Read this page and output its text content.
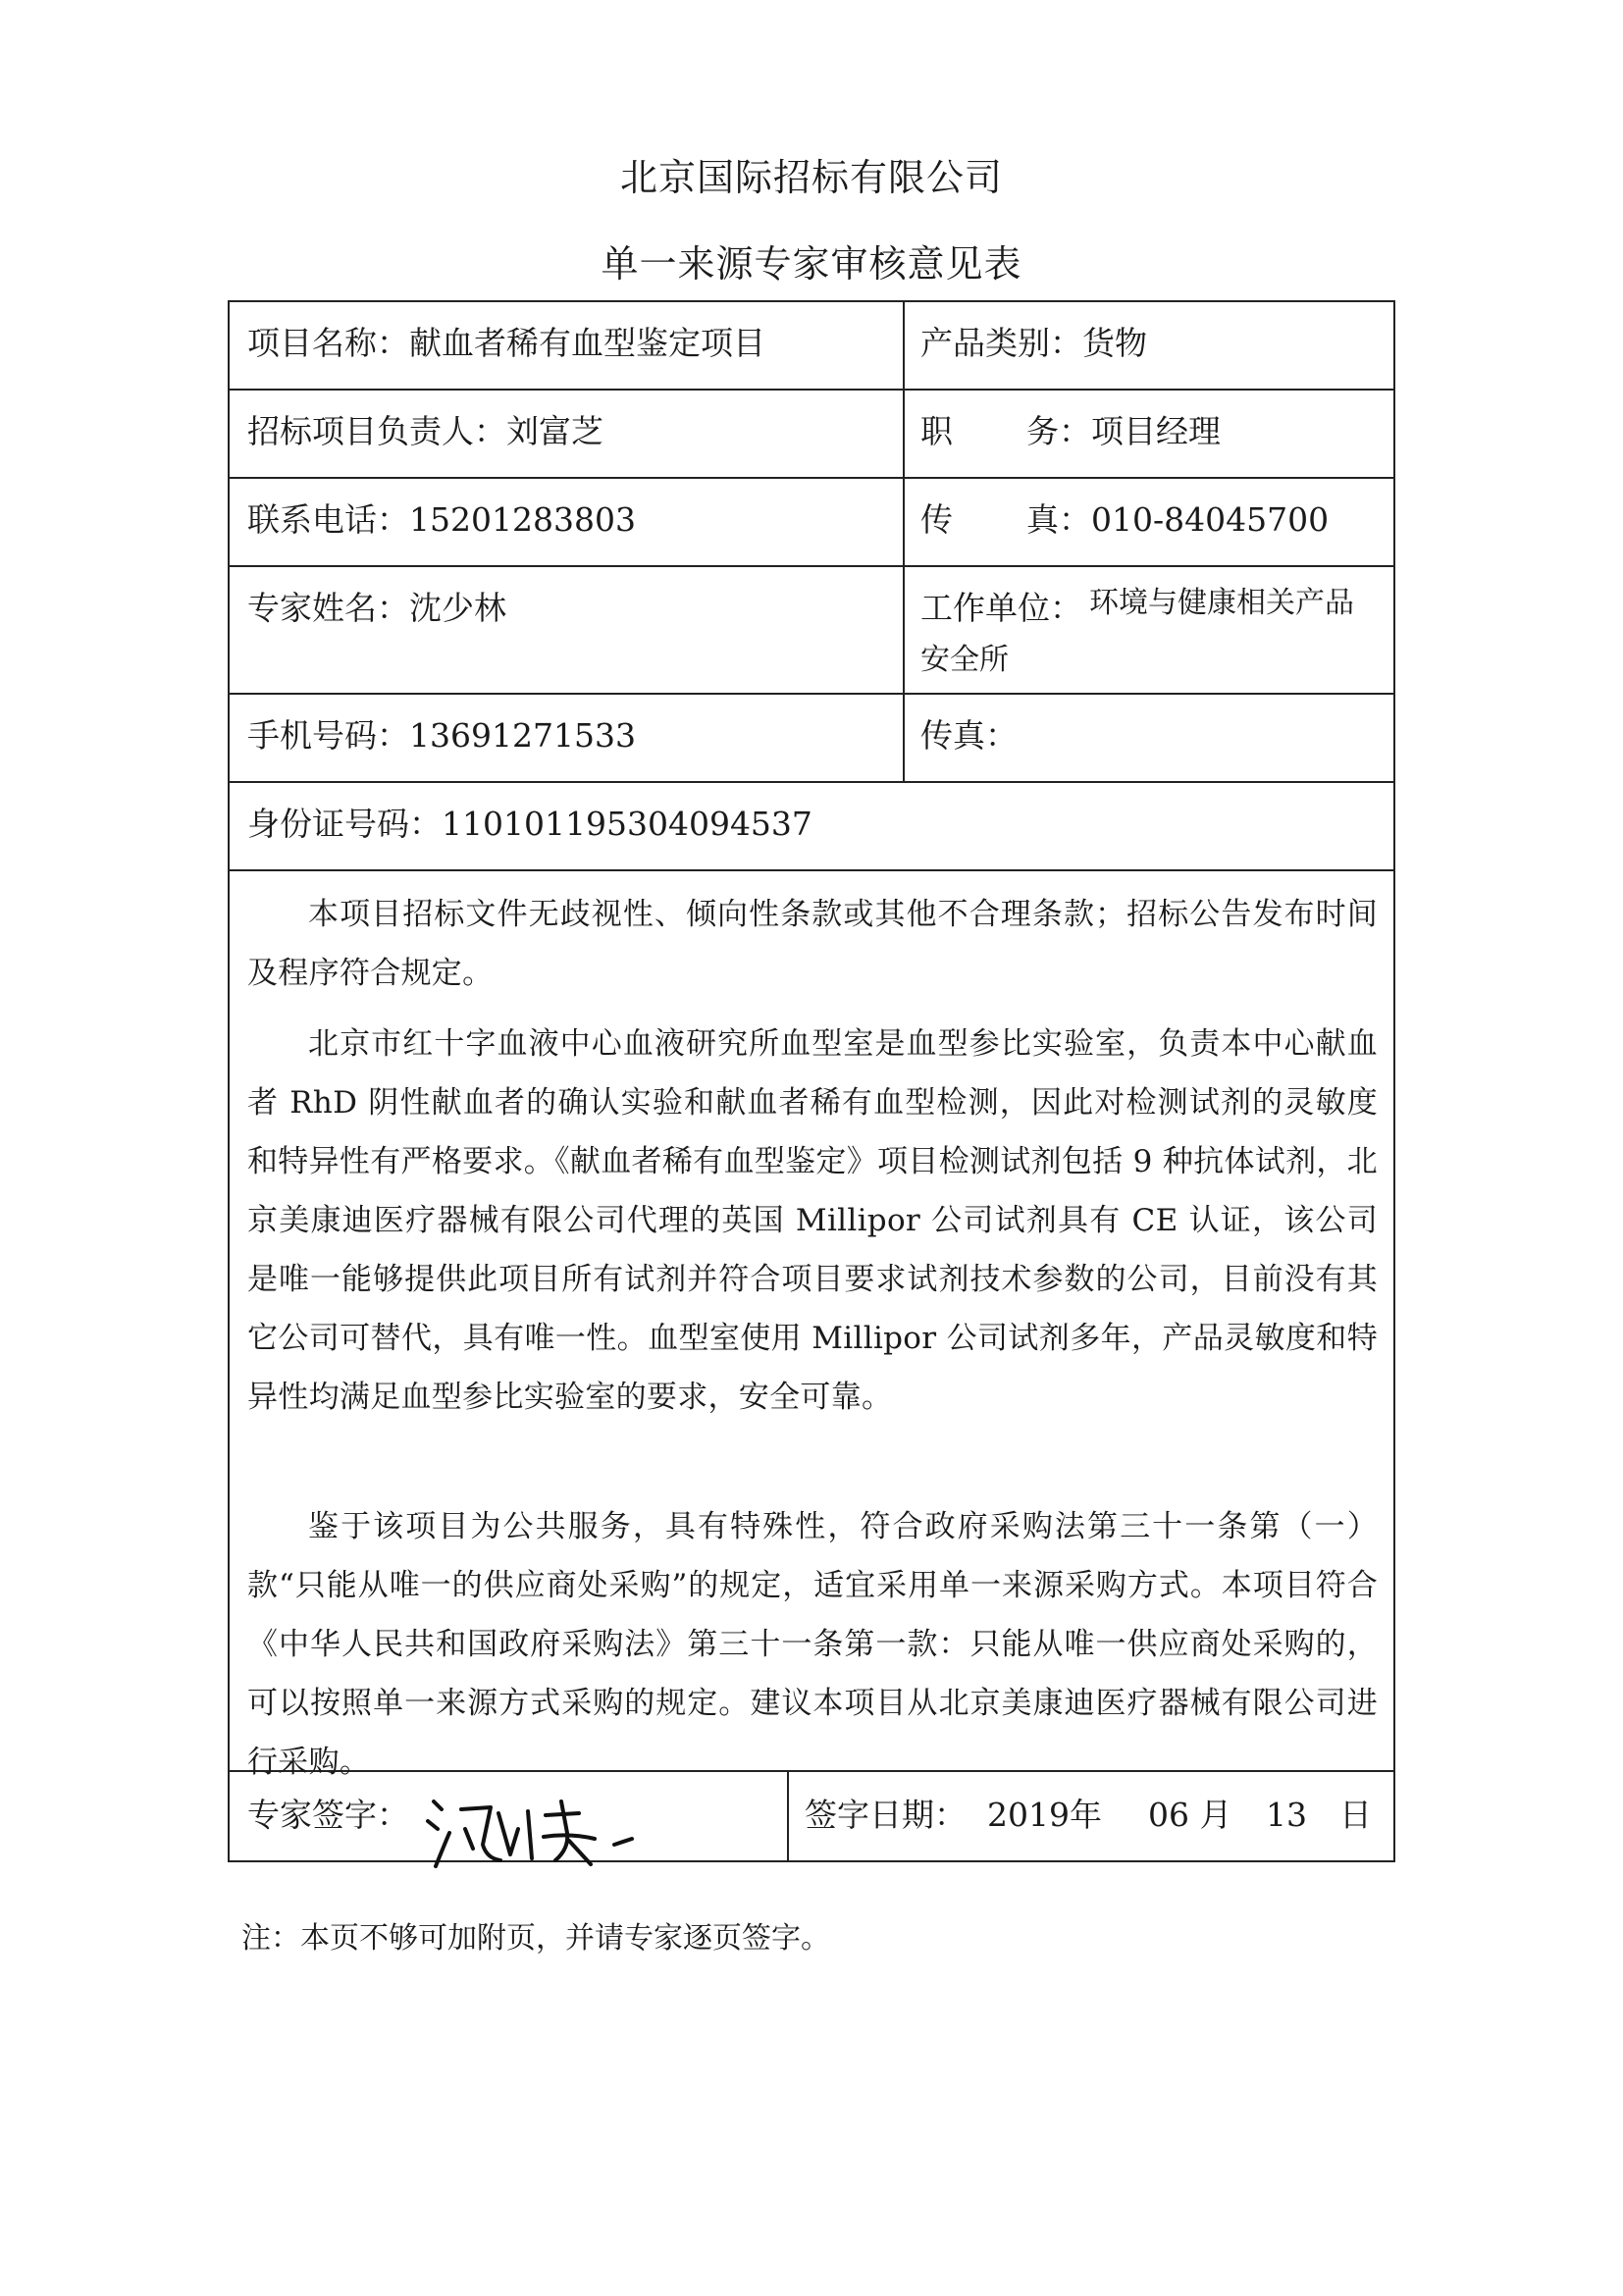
北京国际招标有限公司
单一来源专家审核意见表
项目名称：献血者稀有血型鉴定项目	产品类别：货物
招标项目负责人：刘富芝	职 务：项目经理
联系电话：15201283803	传 真：010-84045700
专家姓名：沈少林	工作单位： 环境与健康相关产品安全所
手机号码：13691271533	传真：
身份证号码：110101195304094537
本项目招标文件无歧视性、倾向性条款或其他不合理条款；招标公告发布时间及程序符合规定。
北京市红十字血液中心血液研究所血型室是血型参比实验室，负责本中心献血者 RhD 阴性献血者的确认实验和献血者稀有血型检测，因此对检测试剂的灵敏度和特异性有严格要求。《献血者稀有血型鉴定》项目检测试剂包括 9 种抗体试剂，北京美康迪医疗器械有限公司代理的英国 Millipor 公司试剂具有 CE 认证，该公司是唯一能够提供此项目所有试剂并符合项目要求试剂技术参数的公司，目前没有其它公司可替代，具有唯一性。血型室使用 Millipor 公司试剂多年，产品灵敏度和特异性均满足血型参比实验室的要求，安全可靠。
鉴于该项目为公共服务，具有特殊性，符合政府采购法第三十一条第（一）款“只能从唯一的供应商处采购”的规定，适宜采用单一来源采购方式。本项目符合《中华人民共和国政府采购法》第三十一条第一款：只能从唯一供应商处采购的，可以按照单一来源方式采购的规定。建议本项目从北京美康迪医疗器械有限公司进行采购。
专家签字：	签字日期： 2019年 06 月 13　日
注：本页不够可加附页，并请专家逐页签字。
